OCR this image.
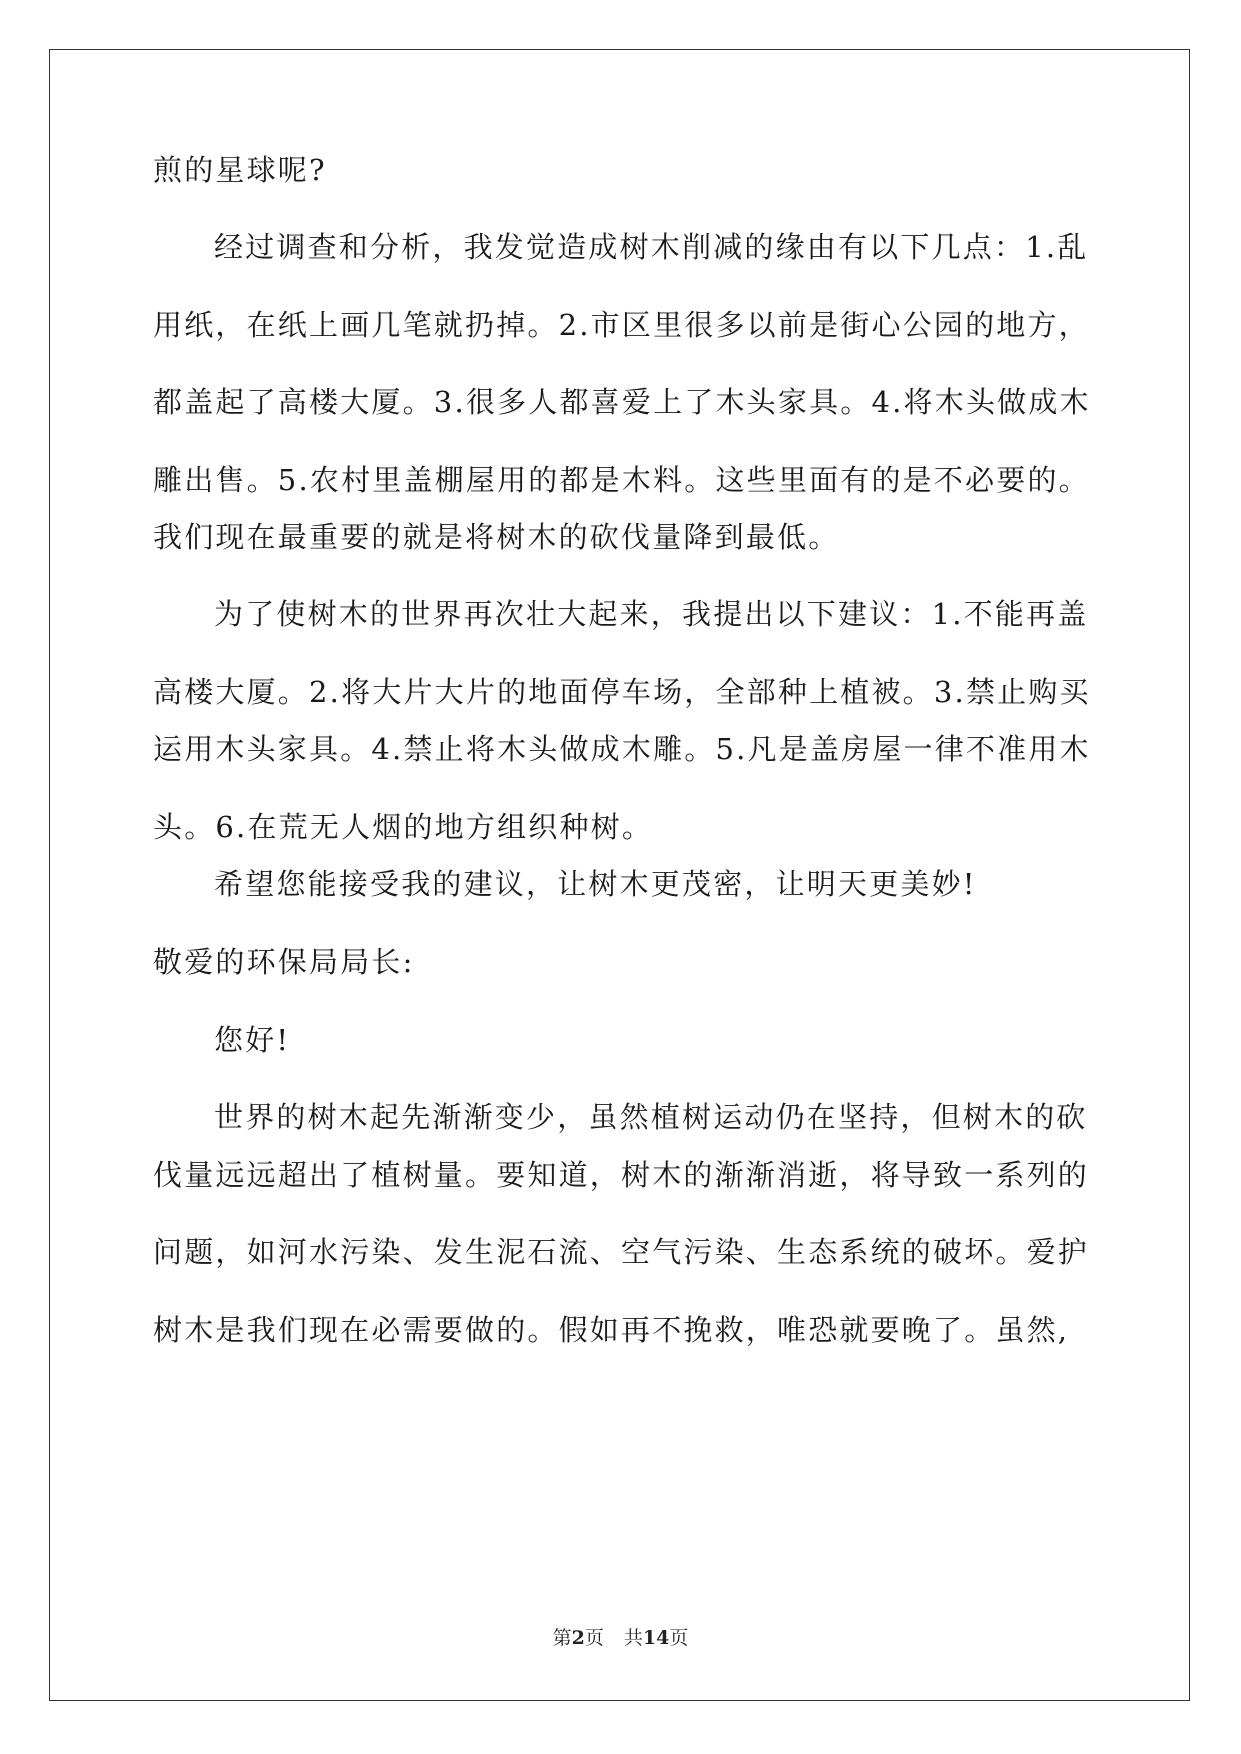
煎的星球呢?
经过调查和分析，我发觉造成树木削减的缘由有以下几点：1.乱
用纸，在纸上画几笔就扔掉。2.市区里很多以前是街心公园的地方，
都盖起了高楼大厦。3.很多人都喜爱上了木头家具。4.将木头做成木
雕出售。5.农村里盖棚屋用的都是木料。这些里面有的是不必要的。
我们现在最重要的就是将树木的砍伐量降到最低。
为了使树木的世界再次壮大起来，我提出以下建议：1.不能再盖
高楼大厦。2.将大片大片的地面停车场，全部种上植被。3.禁止购买
运用木头家具。4.禁止将木头做成木雕。5.凡是盖房屋一律不准用木
头。6.在荒无人烟的地方组织种树。
希望您能接受我的建议，让树木更茂密，让明天更美妙!
敬爱的环保局局长:
您好!
世界的树木起先渐渐变少，虽然植树运动仍在坚持，但树木的砍
伐量远远超出了植树量。要知道，树木的渐渐消逝，将导致一系列的
问题，如河水污染、发生泥石流、空气污染、生态系统的破坏。爱护
树木是我们现在必需要做的。假如再不挽救，唯恐就要晚了。虽然,
第2页 共14页
